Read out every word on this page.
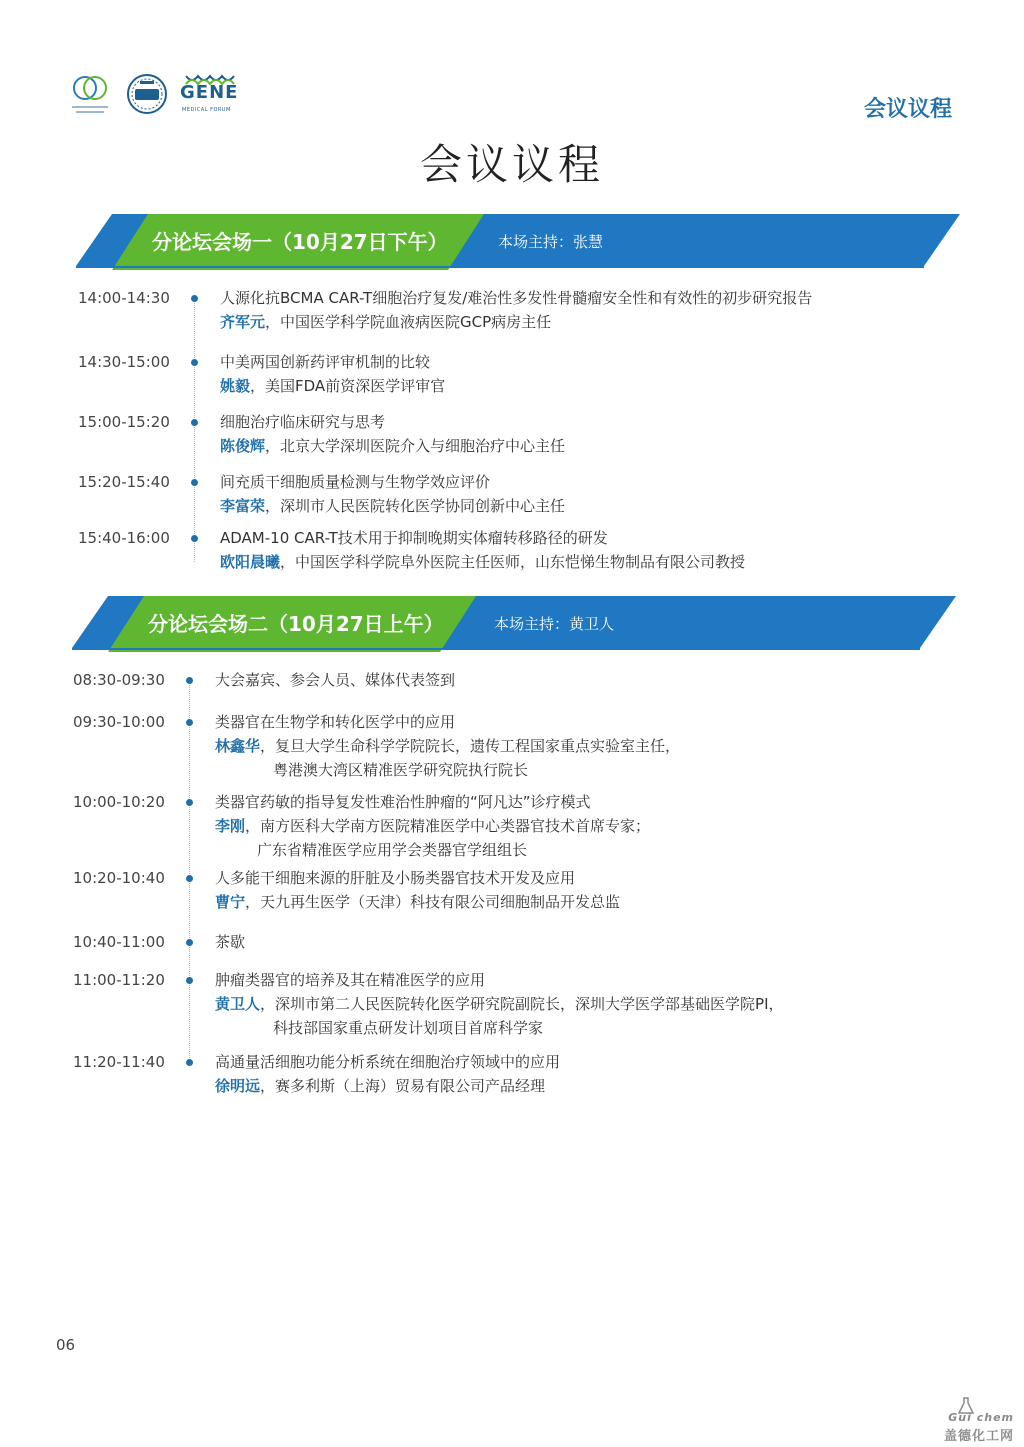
GENE
MEDICAL FORUM	会议议程
会议议程
分论坛会场一（10月27日下午）	本场主持：张慧
14:00-14:30	人源化抗BCMA CAR-T细胞治疗复发/难治性多发性骨髓瘤安全性和有效性的初步研究报告
齐军元，中国医学科学院血液病医院GCP病房主任
14:30-15:00	中美两国创新药评审机制的比较
姚毅，美国FDA前资深医学评审官
15:00-15:20	细胞治疗临床研究与思考
陈俊辉，北京大学深圳医院介入与细胞治疗中心主任
15:20-15:40	间充质干细胞质量检测与生物学效应评价
李富荣，深圳市人民医院转化医学协同创新中心主任
15:40-16:00	ADAM-10 CAR-T技术用于抑制晚期实体瘤转移路径的研发
欧阳晨曦，中国医学科学院阜外医院主任医师，山东恺悌生物制品有限公司教授
分论坛会场二（10月27日上午）	本场主持：黄卫人
08:30-09:30	大会嘉宾、参会人员、媒体代表签到
09:30-10:00	类器官在生物学和转化医学中的应用
林鑫华，复旦大学生命科学学院院长，遗传工程国家重点实验室主任，
粤港澳大湾区精准医学研究院执行院长
10:00-10:20	类器官药敏的指导复发性难治性肿瘤的“阿凡达”诊疗模式
李刚，南方医科大学南方医院精准医学中心类器官技术首席专家；
广东省精准医学应用学会类器官学组组长
10:20-10:40	人多能干细胞来源的肝脏及小肠类器官技术开发及应用
曹宁，天九再生医学（天津）科技有限公司细胞制品开发总监
10:40-11:00	茶歇
11:00-11:20	肿瘤类器官的培养及其在精准医学的应用
黄卫人，深圳市第二人民医院转化医学研究院副院长，深圳大学医学部基础医学院PI，
科技部国家重点研发计划项目首席科学家
11:20-11:40	高通量活细胞功能分析系统在细胞治疗领域中的应用
徐明远，赛多利斯（上海）贸易有限公司产品经理
06
Gui chem
盖德化工网
